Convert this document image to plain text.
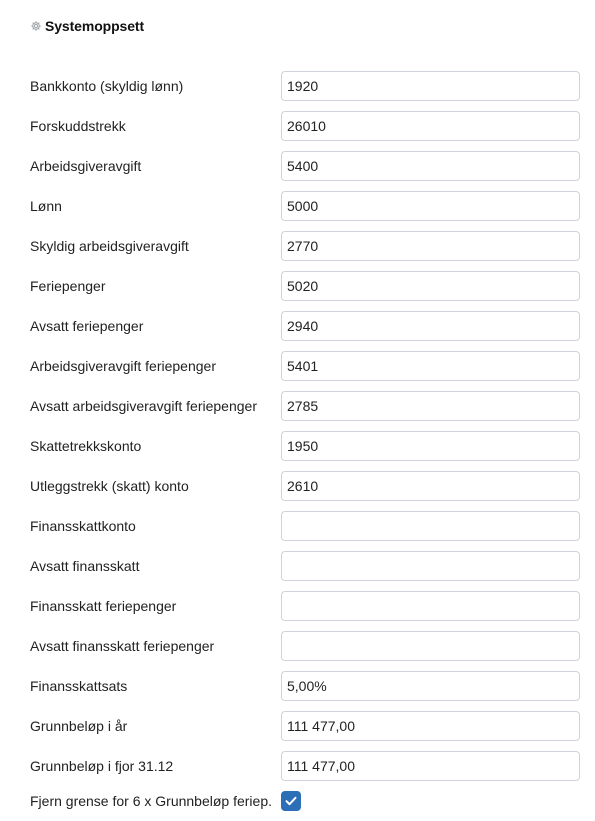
Systemoppsett
Bankkonto (skyldig lønn)
1920
Forskuddstrekk
26010
Arbeidsgiveravgift
5400
Lønn
5000
Skyldig arbeidsgiveravgift
2770
Feriepenger
5020
Avsatt feriepenger
2940
Arbeidsgiveravgift feriepenger
5401
Avsatt arbeidsgiveravgift feriepenger
2785
Skattetrekkskonto
1950
Utleggstrekk (skatt) konto
2610
Finansskattkonto
Avsatt finansskatt
Finansskatt feriepenger
Avsatt finansskatt feriepenger
Finansskattsats
5,00%
Grunnbeløp i år
111 477,00
Grunnbeløp i fjor 31.12
111 477,00
Fjern grense for 6 x Grunnbeløp feriep.
